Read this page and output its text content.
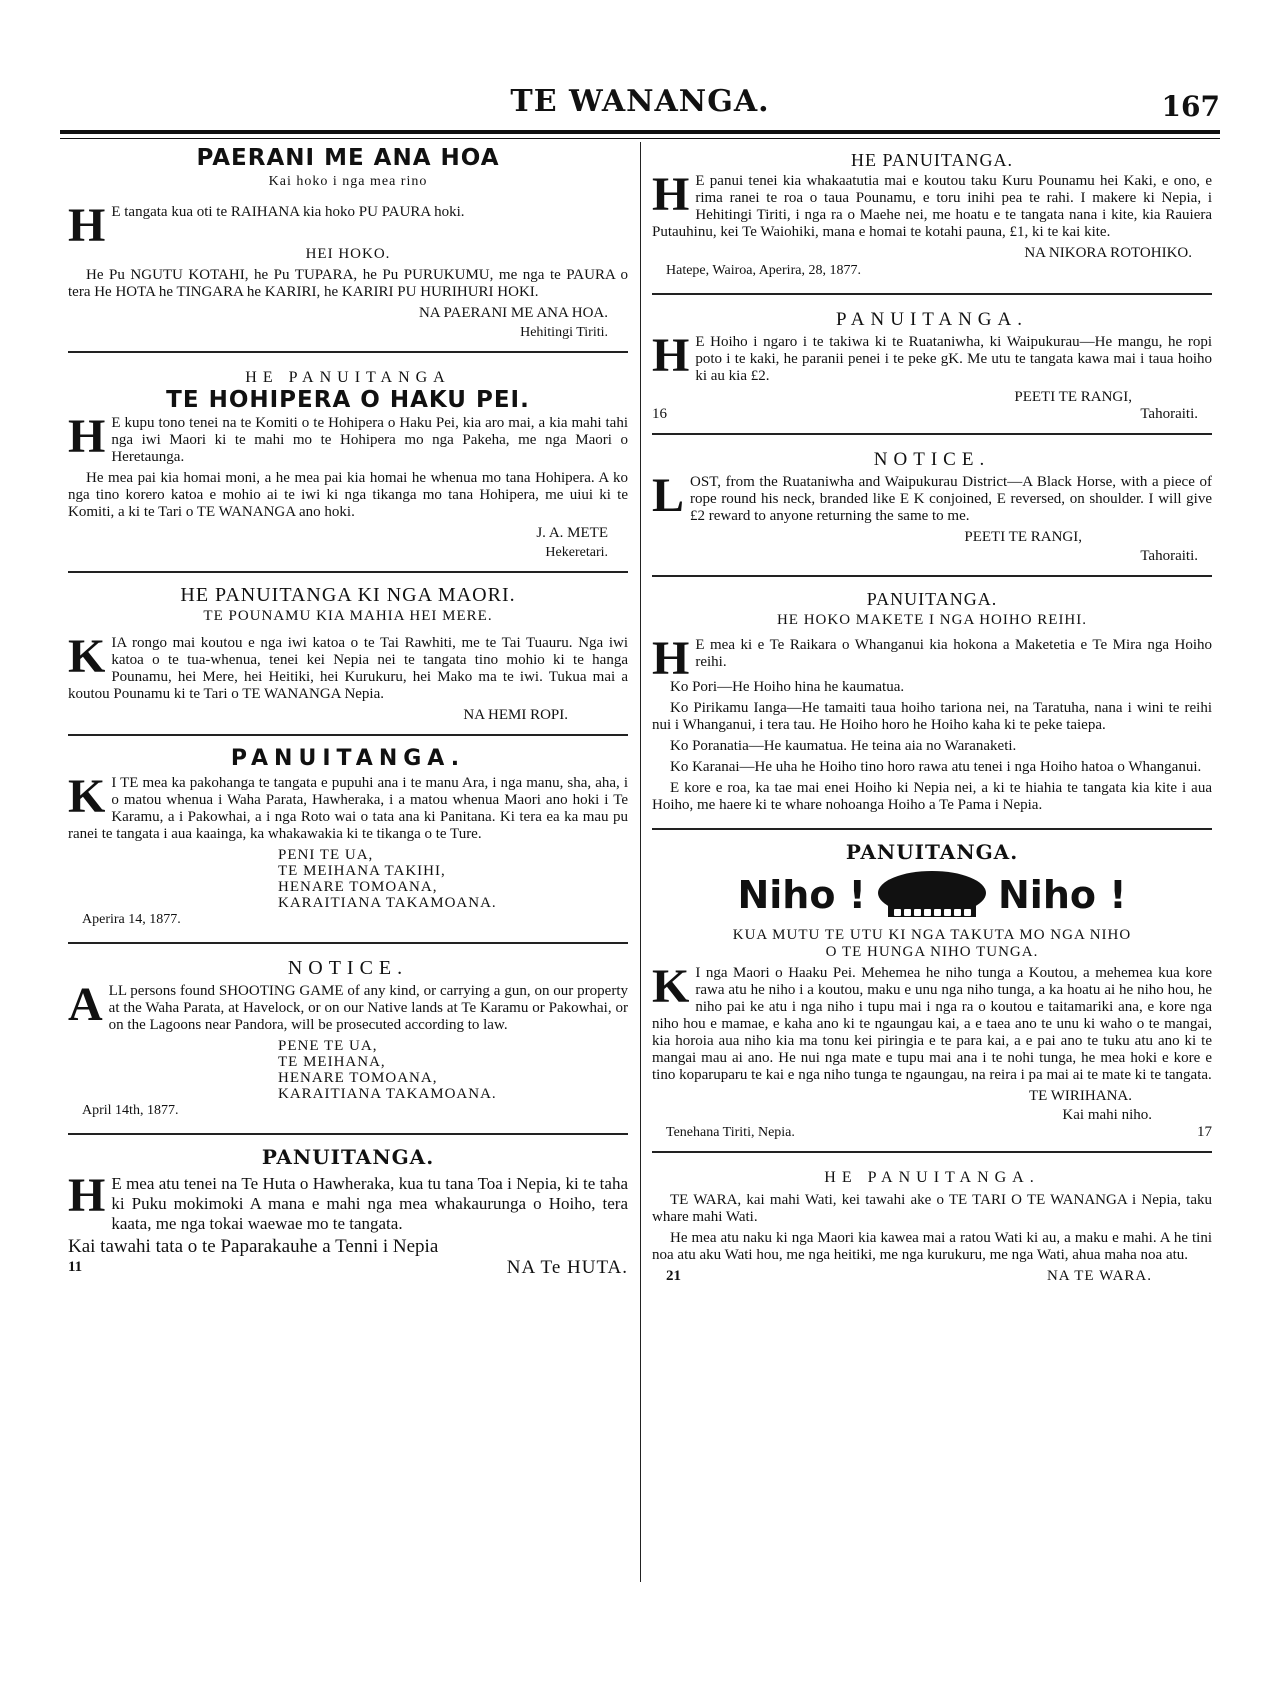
TE WANANGA.	167
PAERANI ME ANA HOA
Kai hoko i nga mea rino

H E tangata kua oti te RAIHANA kia hoko PU PAURA hoki.

HEI HOKO.

He Pu NGUTU KOTAHI, he Pu TUPARA, he Pu PURUKUMU, me nga te PAURA o tera He HOTA he TINGARA he KARIRI, he KARIRI PU HURIHURI HOKI.

NA PAERANI ME ANA HOA.

Hehitingi Tiriti.

HE PANUITANGA
TE HOHIPERA O HAKU PEI.

H E kupu tono tenei na te Komiti o te Hohipera o Haku Pei, kia aro mai, a kia mahi tahi nga iwi Maori ki te mahi mo te Hohipera mo nga Pakeha, me nga Maori o Heretaunga.

He mea pai kia homai moni, a he mea pai kia homai he whenua mo tana Hohipera. A ko nga tino korero katoa e mohio ai te iwi ki nga tikanga mo tana Hohipera, me uiui ki te Komiti, a ki te Tari o TE WANANGA ano hoki.

J. A. METE

Hekeretari.

HE PANUITANGA KI NGA MAORI.
TE POUNAMU KIA MAHIA HEI MERE.

KIA rongo mai koutou e nga iwi katoa o te Tai Rawhiti, me te Tai Tuauru. Nga iwi katoa o te tua-whenua, tenei kei Nepia nei te tangata tino mohio ki te hanga Pounamu, hei Mere, hei Heitiki, hei Kurukuru, hei Mako ma te iwi. Tukua mai a koutou Pounamu ki te Tari o TE WANANGA Nepia.

NA HEMI ROPI.

PANUITANGA.

K I TE mea ka pakohanga te tangata e pupuhi ana i te manu Ara, i nga manu, sha, aha, i o matou whenua i Waha Parata, Hawheraka, i a matou whenua Maori ano hoki i Te Karamu, a i Pakowhai, a i nga Roto wai o tata ana ki Panitana. Ki tera ea ka mau pu ranei te tangata i aua kaainga, ka whakawakia ki te tikanga o te Ture.

PENI TE UA,
TE MEIHANA TAKIHI,
HENARE TOMOANA,
KARAITIANA TAKAMOANA.

Aperira 14, 1877.

NOTICE.

ALL persons found SHOOTING GAME of any kind, or carrying a gun, on our property at the Waha Parata, at Havelock, or on our Native lands at Te Karamu or Pakowhai, or on the Lagoons near Pandora, will be prosecuted according to law.

PENE TE UA,
TE MEIHANA,
HENARE TOMOANA,
KARAITIANA TAKAMOANA.

April 14th, 1877.

PANUITANGA.

H E mea atu tenei na Te Huta o Hawheraka, kua tu tana Toa i Nepia, ki te taha ki Puku mokimoki A mana e mahi nga mea whakaurunga o Hoiho, tera kaata, me nga tokai waewae mo te tangata.

Kai tawahi tata o te Paparakauhe a Tenni i Nepia

11	NA Te HUTA.
HE PANUITANGA.

H E panui tenei kia whakaatutia mai e koutou taku Kuru Pounamu hei Kaki, e ono, e rima ranei te roa o taua Pounamu, e toru inihi pea te rahi. I makere ki Nepia, i Hehitingi Tiriti, i nga ra o Maehe nei, me hoatu e te tangata nana i kite, kia Rauiera Putauhinu, kei Te Waiohiki, mana e homai te kotahi pauna, £1, ki te kai kite.

NA NIKORA ROTOHIKO.

Hatepe, Wairoa, Aperira, 28, 1877.

PANUITANGA.

H E Hoiho i ngaro i te takiwa ki te Ruataniwha, ki Waipukurau—He mangu, he ropi poto i te kaki, he paranii penei i te peke gK. Me utu te tangata kawa mai i taua hoiho ki au kia £2.

16
PEETI TE RANGI,
Tahoraiti.
NOTICE.

LOST, from the Ruataniwha and Waipukurau District—A Black Horse, with a piece of rope round his neck, branded like E K conjoined, E reversed, on shoulder. I will give £2 reward to anyone returning the same to me.

PEETI TE RANGI,

Tahoraiti.

PANUITANGA.
HE HOKO MAKETE I NGA HOIHO REIHI.

H E mea ki e Te Raikara o Whanganui kia hokona a Maketetia e Te Mira nga Hoiho reihi.

Ko Pori—He Hoiho hina he kaumatua.

Ko Pirikamu Ianga—He tamaiti taua hoiho tariona nei, na Taratuha, nana i wini te reihi nui i Whanganui, i tera tau. He Hoiho horo he Hoiho kaha ki te peke taiepa.

Ko Poranatia—He kaumatua. He teina aia no Waranaketi.

Ko Karanai—He uha he Hoiho tino horo rawa atu tenei i nga Hoiho hatoa o Whanganui.

E kore e roa, ka tae mai enei Hoiho ki Nepia nei, a ki te hiahia te tangata kia kite i aua Hoiho, me haere ki te whare nohoanga Hoiho a Te Pama i Nepia.

PANUITANGA.
Niho !	Niho !
KUA MUTU TE UTU KI NGA TAKUTA MO NGA NIHO
O TE HUNGA NIHO TUNGA.

K I nga Maori o Haaku Pei. Mehemea he niho tunga a Koutou, a mehemea kua kore rawa atu he niho i a koutou, maku e unu nga niho tunga, a ka hoatu ai he niho hou, he niho pai ke atu i nga niho i tupu mai i nga ra o koutou e taitamariki ana, e kore nga niho hou e mamae, e kaha ano ki te ngaungau kai, a e taea ano te unu ki waho o te mangai, kia horoia aua niho kia ma tonu kei piringia e te para kai, a e pai ano te tuku atu ano ki te mangai mau ai ano. He nui nga mate e tupu mai ana i te nohi tunga, he mea hoki e kore e tino koparuparu te kai e nga niho tunga te ngaungau, na reira i pa mai ai te mate ki te tangata.

TE WIRIHANA.

Kai mahi niho.

Tenehana Tiriti, Nepia.	17
HE PANUITANGA.

TE WARA, kai mahi Wati, kei tawahi ake o TE TARI O TE WANANGA i Nepia, taku whare mahi Wati.

He mea atu naku ki nga Maori kia kawea mai a ratou Wati ki au, a maku e mahi. A he tini noa atu aku Wati hou, me nga heitiki, me nga kurukuru, me nga Wati, ahua maha noa atu.

21	NA TE WARA.
